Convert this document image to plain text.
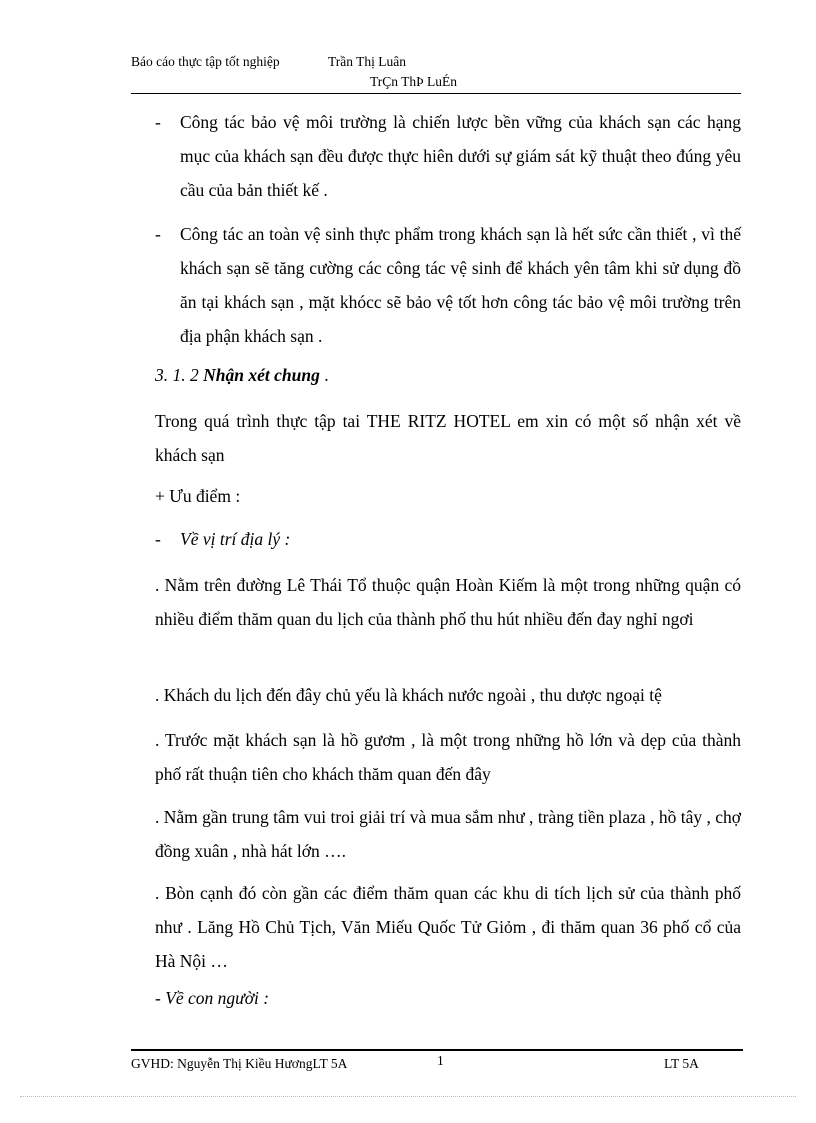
Báo cáo thực tập tốt nghiệp	Trần Thị Luân
TrÇn ThÞ LuÉn
- Công tác bảo vệ môi trường là chiến lược bền vững của khách sạn các hạng mục của khách sạn đều được thực hiên dưới sự giám sát kỹ thuật theo đúng yêu cầu của bản thiết kế .
- Công tác an toàn vệ sinh thực phẩm trong khách sạn là hết sức cần thiết , vì thế khách sạn sẽ tăng cường các công tác vệ sinh để khách yên tâm khi sử dụng đồ ăn tại khách sạn , mặt khócc sẽ bảo vệ tốt hơn công tác bảo vệ môi trường trên địa phận khách sạn .
3. 1. 2 Nhận xét chung .
Trong quá trình thực tập tai THE RITZ HOTEL em xin có một số nhận xét về khách sạn
+ Ưu điểm :
- Về vị trí địa lý :
. Nằm trên đường Lê Thái Tổ thuộc quận Hoàn Kiếm là một trong những quận có nhiều điểm thăm quan du lịch của thành phố thu hút nhiều đến đay nghỉ ngơi
. Khách du lịch đến đây chủ yếu là khách nước ngoài , thu dược ngoại tệ
. Trước mặt khách sạn là hồ gươm , là một trong những hồ lớn và dẹp của thành phố rất thuận tiên cho khách thăm quan đến đây
. Nằm gần trung tâm vui troi giải trí và mua sắm như , tràng tiền plaza , hồ tây , chợ đồng xuân , nhà hát lớn ….
. Bòn cạnh đó còn gần các điểm thăm quan các khu di tích lịch sử của thành phố như . Lăng Hồ Chủ Tịch, Văn Miếu Quốc Tử Giỏm , đi thăm quan 36 phố cổ của Hà Nội …
- Về con người :
GVHD: Nguyễn Thị Kiều HươngLT 5A	1	LT 5A
